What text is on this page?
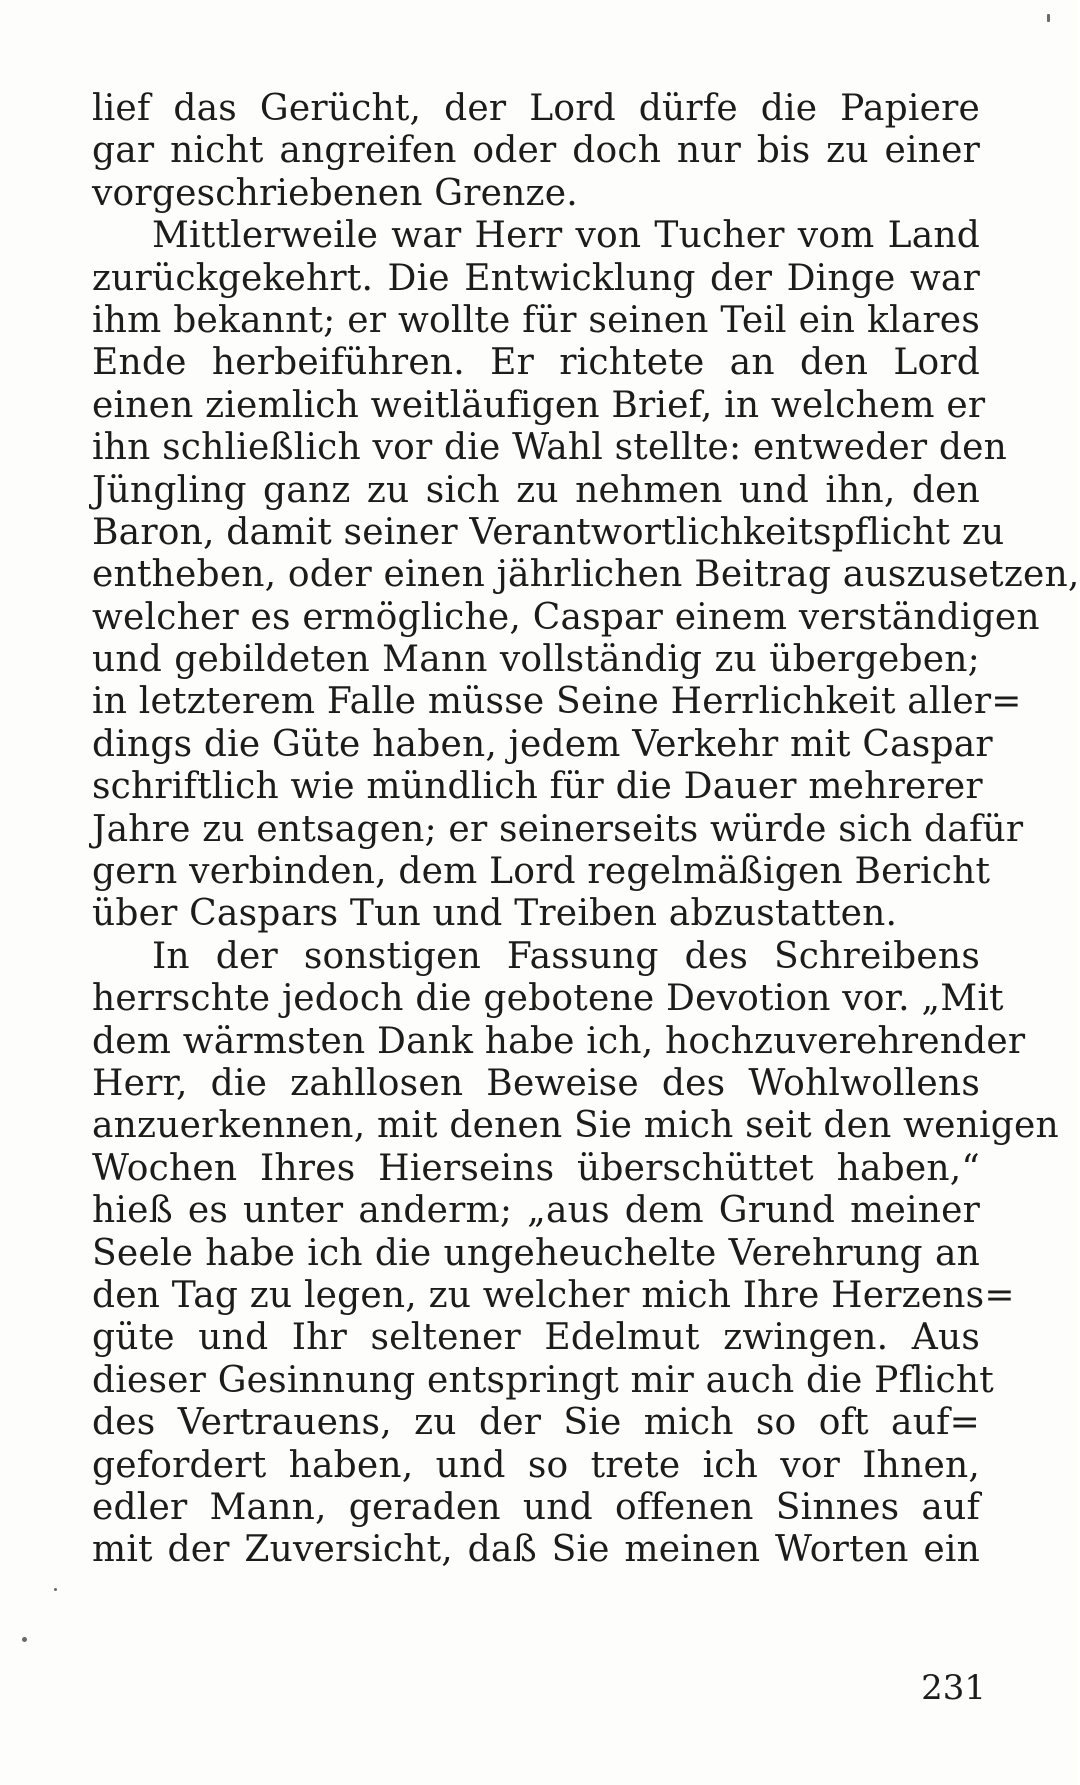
lief das Gerücht, der Lord dürfe die Papiere
gar nicht angreifen oder doch nur bis zu einer
vorgeschriebenen Grenze.
Mittlerweile war Herr von Tucher vom Land
zurückgekehrt. Die Entwicklung der Dinge war
ihm bekannt; er wollte für seinen Teil ein klares
Ende herbeiführen. Er richtete an den Lord
einen ziemlich weitläufigen Brief, in welchem er
ihn schließlich vor die Wahl stellte: entweder den
Jüngling ganz zu sich zu nehmen und ihn, den
Baron, damit seiner Verantwortlichkeitspflicht zu
entheben, oder einen jährlichen Beitrag auszusetzen,
welcher es ermögliche, Caspar einem verständigen
und gebildeten Mann vollständig zu übergeben;
in letzterem Falle müsse Seine Herrlichkeit aller=
dings die Güte haben, jedem Verkehr mit Caspar
schriftlich wie mündlich für die Dauer mehrerer
Jahre zu entsagen; er seinerseits würde sich dafür
gern verbinden, dem Lord regelmäßigen Bericht
über Caspars Tun und Treiben abzustatten.
In der sonstigen Fassung des Schreibens
herrschte jedoch die gebotene Devotion vor. „Mit
dem wärmsten Dank habe ich, hochzuverehrender
Herr, die zahllosen Beweise des Wohlwollens
anzuerkennen, mit denen Sie mich seit den wenigen
Wochen Ihres Hierseins überschüttet haben,“
hieß es unter anderm; „aus dem Grund meiner
Seele habe ich die ungeheuchelte Verehrung an
den Tag zu legen, zu welcher mich Ihre Herzens=
güte und Ihr seltener Edelmut zwingen. Aus
dieser Gesinnung entspringt mir auch die Pflicht
des Vertrauens, zu der Sie mich so oft auf=
gefordert haben, und so trete ich vor Ihnen,
edler Mann, geraden und offenen Sinnes auf
mit der Zuversicht, daß Sie meinen Worten ein
231
